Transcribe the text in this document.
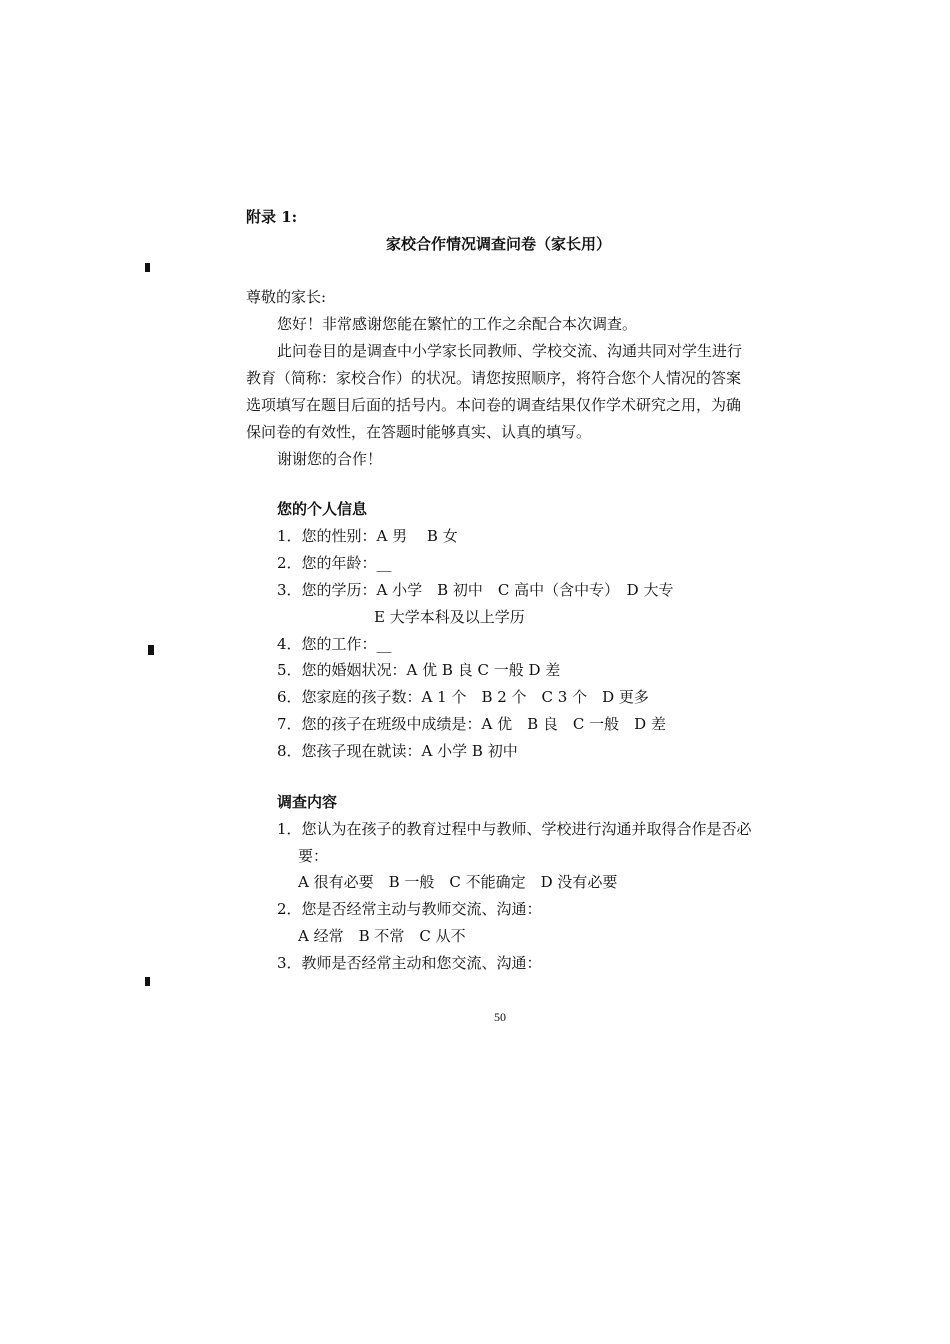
附录 1:
家校合作情况调查问卷（家长用）
尊敬的家长:
您好！非常感谢您能在繁忙的工作之余配合本次调查。
此问卷目的是调查中小学家长同教师、学校交流、沟通共同对学生进行
教育（简称：家校合作）的状况。请您按照顺序，将符合您个人情况的答案
选项填写在题目后面的括号内。本问卷的调查结果仅作学术研究之用，为确
保问卷的有效性，在答题时能够真实、认真的填写。
谢谢您的合作！
您的个人信息
1．您的性别：A 男　 B 女
2．您的年龄：__
3．您的学历：A 小学　B 初中　C 高中（含中专）　D 大专
E 大学本科及以上学历
4．您的工作：__
5．您的婚姻状况：A 优 B 良 C 一般 D 差
6．您家庭的孩子数：A 1 个　B 2 个　C 3 个　D 更多
7．您的孩子在班级中成绩是：A 优　B 良　C 一般　D 差
8．您孩子现在就读：A 小学 B 初中
调查内容
1．您认为在孩子的教育过程中与教师、学校进行沟通并取得合作是否必
要：
A 很有必要　B 一般　C 不能确定　D 没有必要
2．您是否经常主动与教师交流、沟通：
A 经常　B 不常　C 从不
3．教师是否经常主动和您交流、沟通：
50
